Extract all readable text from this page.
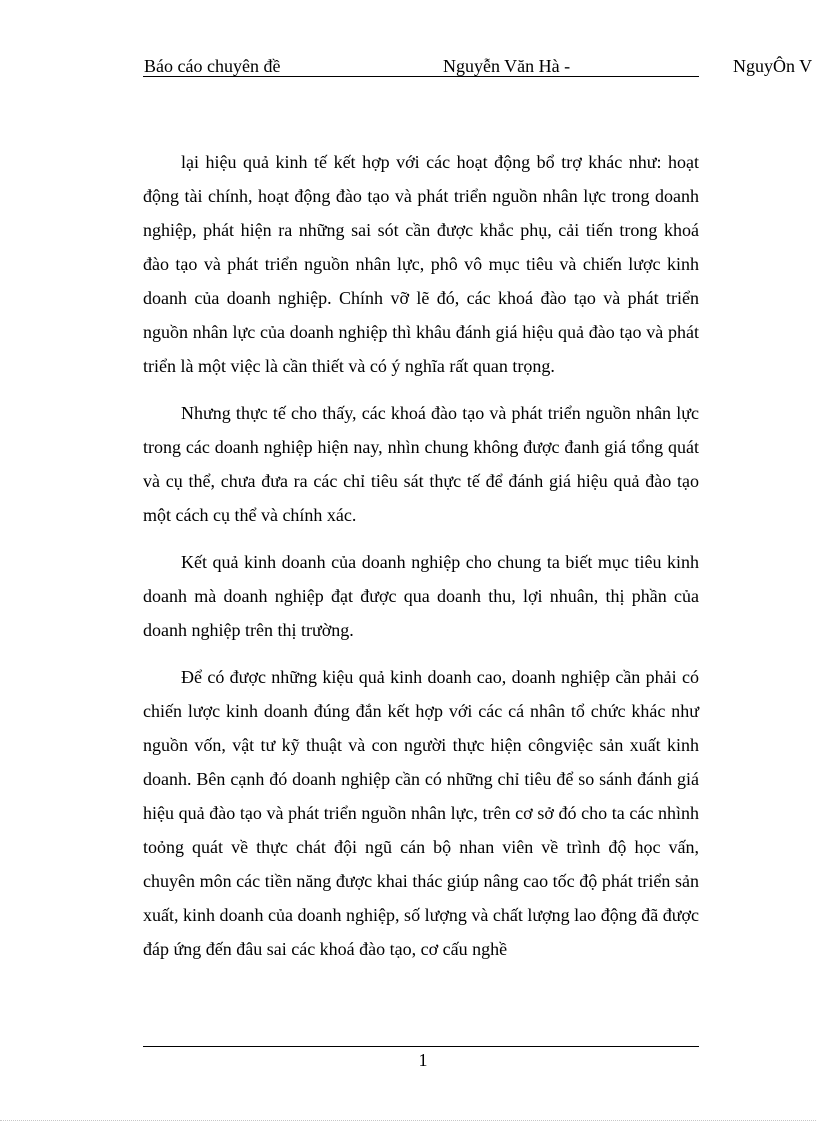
Báo cáo chuyên đề	Nguyễn Văn Hà -	NguyÔn V

lại hiệu quả kinh tế kết hợp với các hoạt động bổ trợ khác như: hoạt động tài chính, hoạt động đào tạo và phát triển nguồn nhân lực trong doanh nghiệp, phát hiện ra những sai sót cần được khắc phụ, cải tiến trong khoá đào tạo và phát triển nguồn nhân lực, phô vô mục tiêu và chiến lược kinh doanh của doanh nghiệp. Chính vỡ lẽ đó, các khoá đào tạo và phát triển nguồn nhân lực của doanh nghiệp thì khâu đánh giá hiệu quả đào tạo và phát triển là một việc là cần thiết và có ý nghĩa rất quan trọng.

Nhưng thực tế cho thấy, các khoá đào tạo và phát triển nguồn nhân lực trong các doanh nghiệp hiện nay, nhìn chung không được đanh giá tổng quát và cụ thể, chưa đưa ra các chỉ tiêu sát thực tế để đánh giá hiệu quả đào tạo một cách cụ thể và chính xác.

Kết quả kinh doanh của doanh nghiệp cho chung ta biết mục tiêu kinh doanh mà doanh nghiệp đạt được qua doanh thu, lợi nhuân, thị phần của doanh nghiệp trên thị trường.

Để có được những kiệu quả kinh doanh cao, doanh nghiệp cần phải có chiến lược kinh doanh đúng đắn kết hợp với các cá nhân tổ chức khác như nguồn vốn, vật tư kỹ thuật và con người thực hiện côngviệc sản xuất kinh doanh. Bên cạnh đó doanh nghiệp cần có những chỉ tiêu để so sánh đánh giá hiệu quả đào tạo và phát triển nguồn nhân lực, trên cơ sở đó cho ta các nhình toỏng quát về thực chát đội ngũ cán bộ nhan viên về trình độ học vấn, chuyên môn các tiền năng được khai thác giúp nâng cao tốc độ phát triển sản xuất, kinh doanh của doanh nghiệp, số lượng và chất lượng lao động đã được đáp ứng đến đâu sai các khoá đào tạo, cơ cấu nghề

1
